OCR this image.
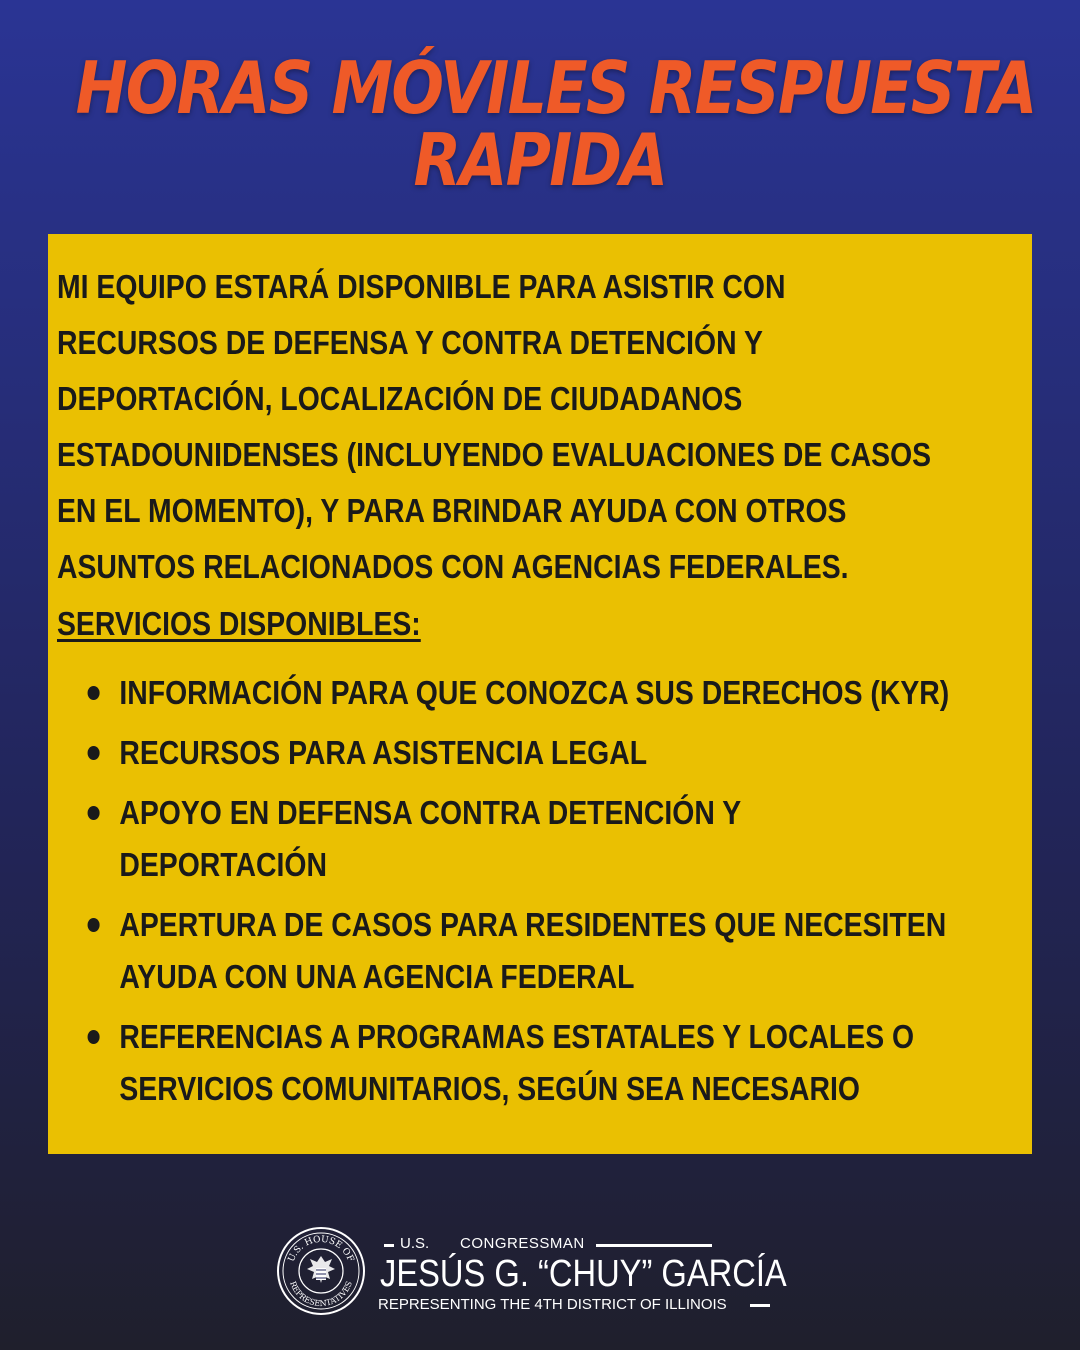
HORAS MÓVILES RESPUESTA
RAPIDA
MI EQUIPO ESTARÁ DISPONIBLE PARA ASISTIR CON
RECURSOS DE DEFENSA Y CONTRA DETENCIÓN Y
DEPORTACIÓN, LOCALIZACIÓN DE CIUDADANOS
ESTADOUNIDENSES (INCLUYENDO EVALUACIONES DE CASOS
EN EL MOMENTO), Y PARA BRINDAR AYUDA CON OTROS
ASUNTOS RELACIONADOS CON AGENCIAS FEDERALES.
SERVICIOS DISPONIBLES:
INFORMACIÓN PARA QUE CONOZCA SUS DERECHOS (KYR)
RECURSOS PARA ASISTENCIA LEGAL
APOYO EN DEFENSA CONTRA DETENCIÓN Y
DEPORTACIÓN
APERTURA DE CASOS PARA RESIDENTES QUE NECESITEN
AYUDA CON UNA AGENCIA FEDERAL
REFERENCIAS A PROGRAMAS ESTATALES Y LOCALES O
SERVICIOS COMUNITARIOS, SEGÚN SEA NECESARIO
U.S. HOUSE OF
REPRESENTATIVES
U.S. CONGRESSMAN
JESÚS G. “CHUY” GARCÍA
REPRESENTING THE 4TH DISTRICT OF ILLINOIS
